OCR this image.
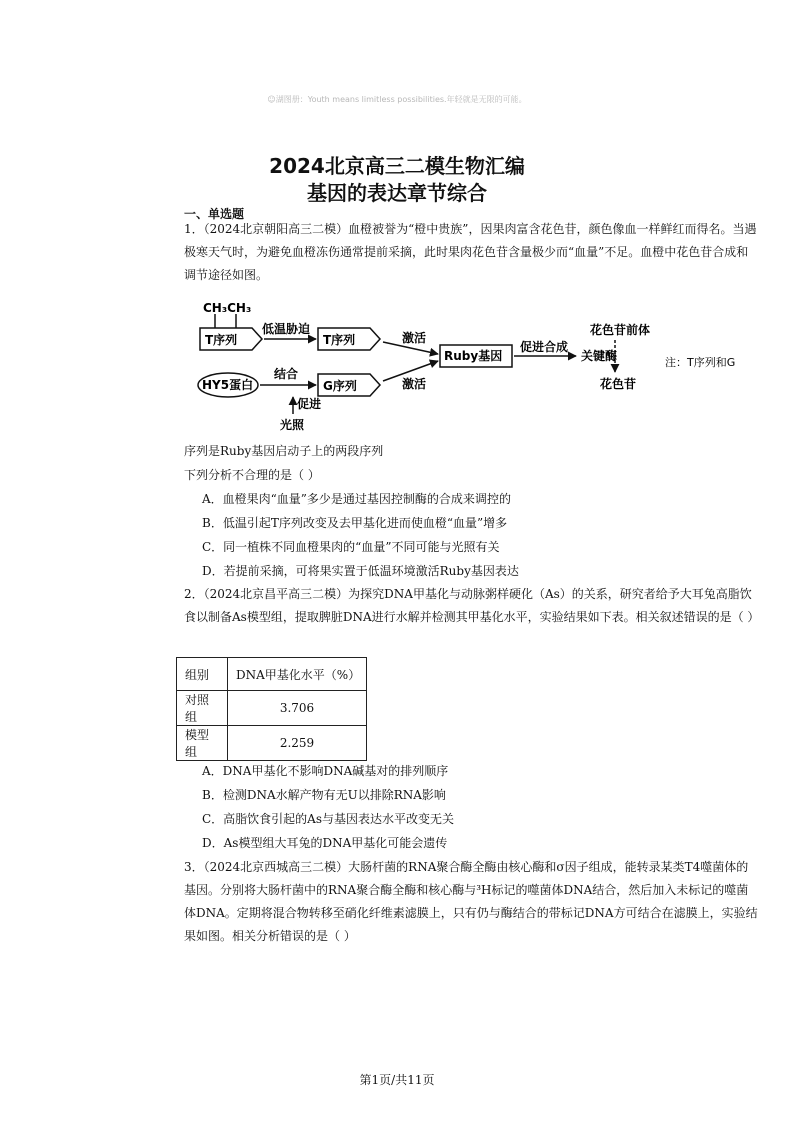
☺湖图册：Youth means limitless possibilities.年轻就是无限的可能。
2024北京高三二模生物汇编
基因的表达章节综合
一、单选题
1．（2024北京朝阳高三二模）血橙被誉为“橙中贵族”，因果肉富含花色苷，颜色像血一样鲜红而得名。当遇极寒天气时，为避免血橙冻伤通常提前采摘，此时果肉花色苷含量极少而“血量”不足。血橙中花色苷合成和调节途径如图。
CH₃CH₃
T序列
低温胁迫
T序列	激活
Ruby基因
促进合成
关键酶
花色苷前体
花色苷
注：T序列和G
HY5蛋白
结合
G序列	激活
促进
光照
序列是Ruby基因启动子上的两段序列
下列分析不合理的是（ ）
A．血橙果肉“血量”多少是通过基因控制酶的合成来调控的
B．低温引起T序列改变及去甲基化进而使血橙“血量”增多
C．同一植株不同血橙果肉的“血量”不同可能与光照有关
D．若提前采摘，可将果实置于低温环境激活Ruby基因表达
2．（2024北京昌平高三二模）为探究DNA甲基化与动脉粥样硬化（As）的关系，研究者给予大耳兔高脂饮食以制备As模型组，提取脾脏DNA进行水解并检测其甲基化水平，实验结果如下表。相关叙述错误的是（ ）
组别	DNA甲基化水平（%）
对照组	3.706
模型组	2.259
A．DNA甲基化不影响DNA碱基对的排列顺序
B．检测DNA水解产物有无U以排除RNA影响
C．高脂饮食引起的As与基因表达水平改变无关
D．As模型组大耳兔的DNA甲基化可能会遗传
3．（2024北京西城高三二模）大肠杆菌的RNA聚合酶全酶由核心酶和σ因子组成，能转录某类T4噬菌体的基因。分别将大肠杆菌中的RNA聚合酶全酶和核心酶与³H标记的噬菌体DNA结合，然后加入未标记的噬菌体DNA。定期将混合物转移至硝化纤维素滤膜上，只有仍与酶结合的带标记DNA方可结合在滤膜上，实验结果如图。相关分析错误的是（ ）
第1页/共11页
